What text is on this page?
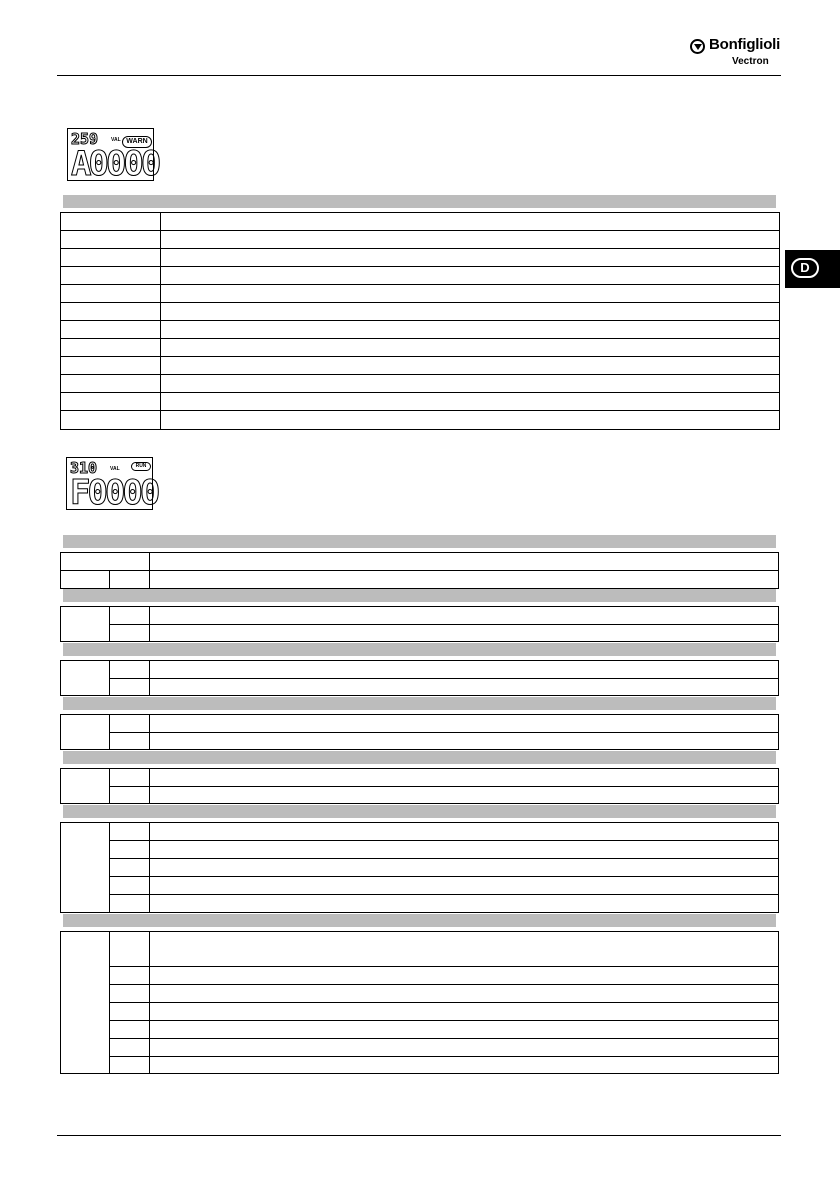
Bonfiglioli
Vectron
D
259	VAL WARN
A0000
310	VAL	RUN
F0000
